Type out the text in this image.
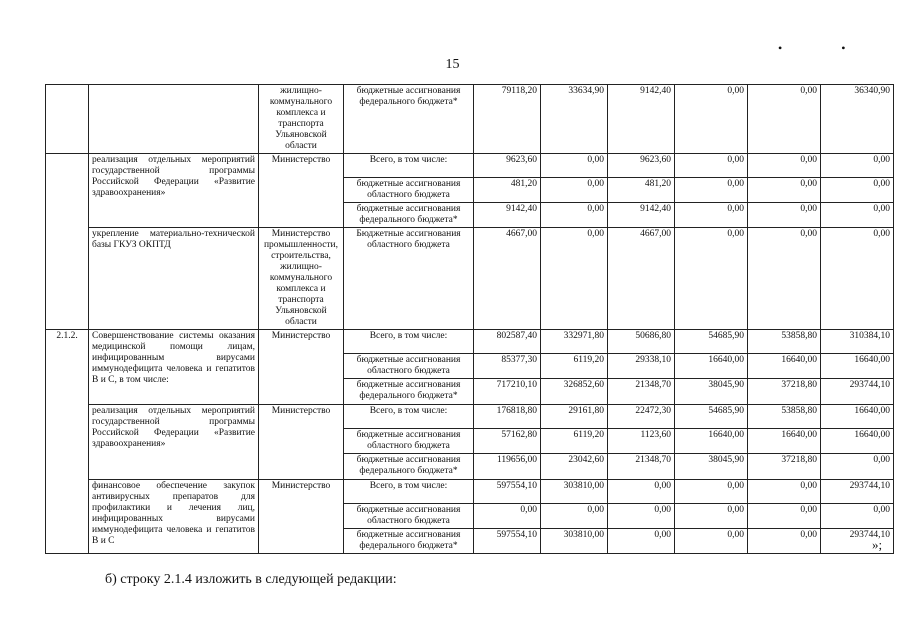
15
• •
		жилищно-коммунального комплекса и транспорта Ульяновской области	бюджетные ассигнования федерального бюджета*	79118,20	33634,90	9142,40	0,00	0,00	36340,90
	реализация отдельных мероприятий государственной программы Российской Федерации «Развитие здравоохранения»	Министерство	Всего, в том числе:	9623,60	0,00	9623,60	0,00	0,00	0,00
			бюджетные ассигнования областного бюджета	481,20	0,00	481,20	0,00	0,00	0,00
			бюджетные ассигнования федерального бюджета*	9142,40	0,00	9142,40	0,00	0,00	0,00
	укрепление материально-технической базы ГКУЗ ОКПТД	Министерство промышленности, строительства, жилищно-коммунального комплекса и транспорта Ульяновской области	Бюджетные ассигнования областного бюджета	4667,00	0,00	4667,00	0,00	0,00	0,00
2.1.2.	Совершенствование системы оказания медицинской помощи лицам, инфицированным вирусами иммунодефицита человека и гепатитов В и С, в том числе:	Министерство	Всего, в том числе:	802587,40	332971,80	50686,80	54685,90	53858,80	310384,10
			бюджетные ассигнования областного бюджета	85377,30	6119,20	29338,10	16640,00	16640,00	16640,00
			бюджетные ассигнования федерального бюджета*	717210,10	326852,60	21348,70	38045,90	37218,80	293744,10
	реализация отдельных мероприятий государственной программы Российской Федерации «Развитие здравоохранения»	Министерство	Всего, в том числе:	176818,80	29161,80	22472,30	54685,90	53858,80	16640,00
			бюджетные ассигнования областного бюджета	57162,80	6119,20	1123,60	16640,00	16640,00	16640,00
			бюджетные ассигнования федерального бюджета*	119656,00	23042,60	21348,70	38045,90	37218,80	0,00
	финансовое обеспечение закупок антивирусных препаратов для профилактики и лечения лиц, инфицированных вирусами иммунодефицита человека и гепатитов В и С	Министерство	Всего, в том числе:	597554,10	303810,00	0,00	0,00	0,00	293744,10
			бюджетные ассигнования областного бюджета	0,00	0,00	0,00	0,00	0,00	0,00
			бюджетные ассигнования федерального бюджета*	597554,10	303810,00	0,00	0,00	0,00	293744,10
»;
б) строку 2.1.4 изложить в следующей редакции:
